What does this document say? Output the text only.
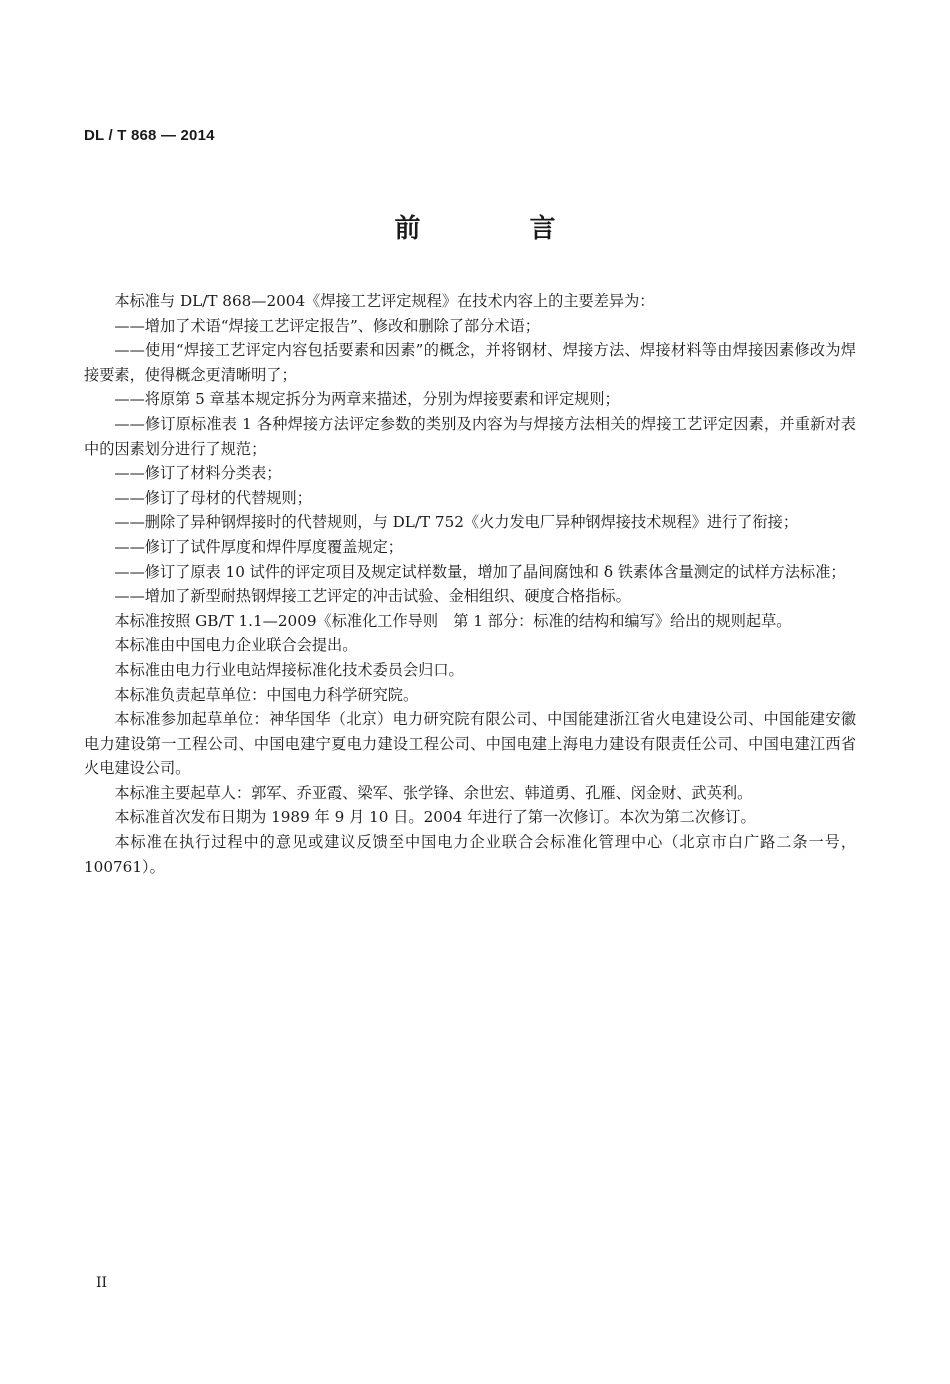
DL / T 868 — 2014
前 言

本标准与 DL/T 868—2004《焊接工艺评定规程》在技术内容上的主要差异为：

——增加了术语“焊接工艺评定报告”、修改和删除了部分术语；

——使用“焊接工艺评定内容包括要素和因素”的概念，并将钢材、焊接方法、焊接材料等由焊接因素修改为焊接要素，使得概念更清晰明了；

——将原第 5 章基本规定拆分为两章来描述，分别为焊接要素和评定规则；

——修订原标准表 1 各种焊接方法评定参数的类别及内容为与焊接方法相关的焊接工艺评定因素，并重新对表中的因素划分进行了规范；

——修订了材料分类表；

——修订了母材的代替规则；

——删除了异种钢焊接时的代替规则，与 DL/T 752《火力发电厂异种钢焊接技术规程》进行了衔接；

——修订了试件厚度和焊件厚度覆盖规定；

——修订了原表 10 试件的评定项目及规定试样数量，增加了晶间腐蚀和 δ 铁素体含量测定的试样方法标准；

——增加了新型耐热钢焊接工艺评定的冲击试验、金相组织、硬度合格指标。

本标准按照 GB/T 1.1—2009《标准化工作导则　第 1 部分：标准的结构和编写》给出的规则起草。

本标准由中国电力企业联合会提出。

本标准由电力行业电站焊接标准化技术委员会归口。

本标准负责起草单位：中国电力科学研究院。

本标准参加起草单位：神华国华（北京）电力研究院有限公司、中国能建浙江省火电建设公司、中国能建安徽电力建设第一工程公司、中国电建宁夏电力建设工程公司、中国电建上海电力建设有限责任公司、中国电建江西省火电建设公司。

本标准主要起草人：郭军、乔亚霞、梁军、张学锋、余世宏、韩道勇、孔雁、闵金财、武英利。

本标准首次发布日期为 1989 年 9 月 10 日。2004 年进行了第一次修订。本次为第二次修订。

本标准在执行过程中的意见或建议反馈至中国电力企业联合会标准化管理中心（北京市白广路二条一号，100761）。

II
